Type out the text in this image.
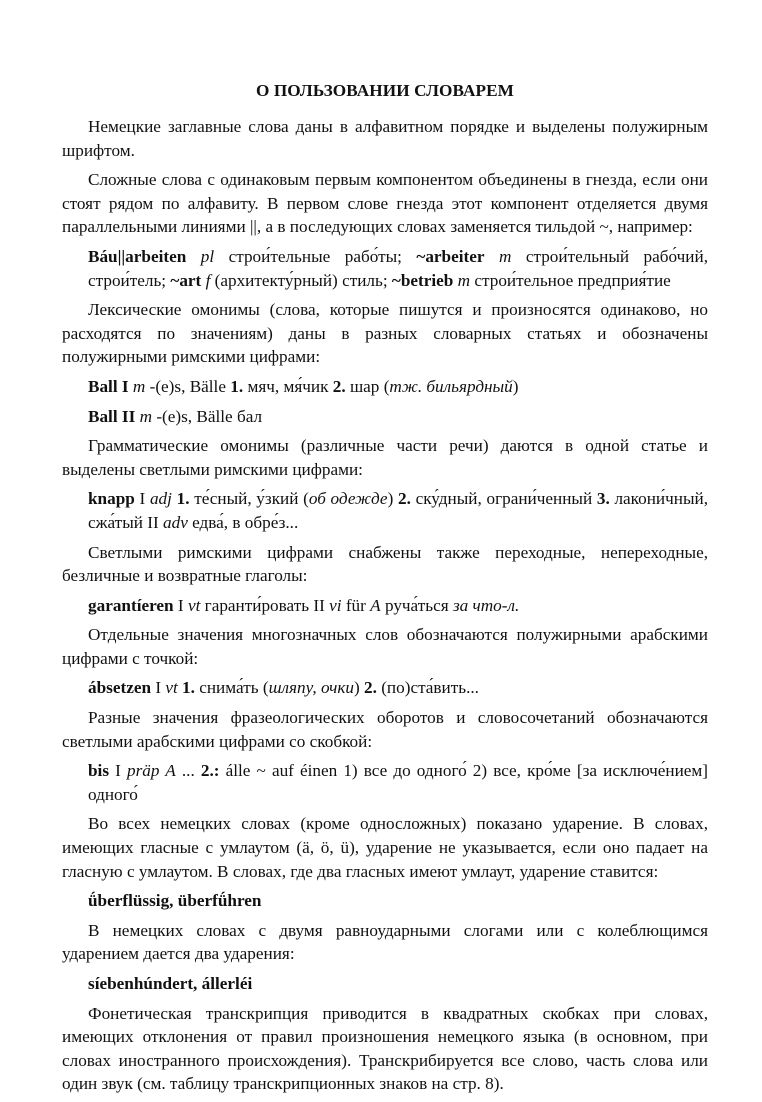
О ПОЛЬЗОВАНИИ СЛОВАРЕМ

Немецкие заглавные слова даны в алфавитном порядке и выделены полужирным шрифтом.

Сложные слова с одинаковым первым компонентом объединены в гнезда, если они стоят рядом по алфавиту. В первом слове гнезда этот компонент отделяется двумя параллельными линиями ||, а в последующих словах заменяется тильдой ~, например:

Báu||arbeiten pl строи́тельные рабо́ты; ~arbeiter m строи́тельный рабо́чий, строи́тель; ~art f (архитекту́рный) стиль; ~betrieb m строи́тельное предприя́тие

Лексические омонимы (слова, которые пишутся и произносятся одинаково, но расходятся по значениям) даны в разных словарных статьях и обозначены полужирными римскими цифрами:

Ball I m -(e)s, Bälle 1. мяч, мя́чик 2. шар (тж. бильярдный)

Ball II m -(e)s, Bälle бал

Грамматические омонимы (различные части речи) даются в одной статье и выделены светлыми римскими цифрами:

knapp I adj 1. те́сный, у́зкий (об одежде) 2. ску́дный, ограни́ченный 3. лакони́чный, сжа́тый II adv едва́, в обре́з...

Светлыми римскими цифрами снабжены также переходные, непереходные, безличные и возвратные глаголы:

garantíeren I vt гаранти́ровать II vi für A руча́ться за что-л.

Отдельные значения многозначных слов обозначаются полужирными арабскими цифрами с точкой:

ábsetzen I vt 1. снима́ть (шляпу, очки) 2. (по)ста́вить...

Разные значения фразеологических оборотов и словосочетаний обозначаются светлыми арабскими цифрами со скобкой:

bis I präp A ... 2.: álle ~ auf éinen 1) все до одного́ 2) все, кро́ме [за исключе́нием] одного́

Во всех немецких словах (кроме односложных) показано ударение. В словах, имеющих гласные с умлаутом (ä, ö, ü), ударение не указывается, если оно падает на гласную с умлаутом. В словах, где два гласных имеют умлаут, ударение ставится:

ǘberflüssig, überfǘhren

В немецких словах с двумя равноударными слогами или с колеблющимся ударением дается два ударения:

síebenhúndert, állerléi

Фонетическая транскрипция приводится в квадратных скобках при словах, имеющих отклонения от правил произношения немецкого языка (в основном, при словах иностранного происхождения). Транскрибируется все слово, часть слова или один звук (см. таблицу транскрипционных знаков на стр. 8).
